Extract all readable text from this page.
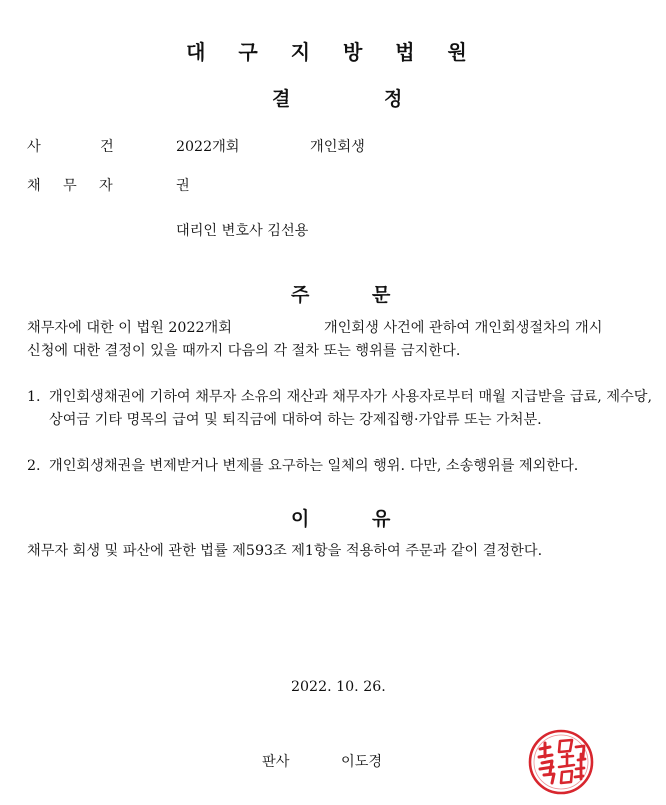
대 구 지 방 법 원
결	정
사	건	2022개회	개인회생
채 무 자	권
대리인 변호사 김선용
주	문
채무자에 대한 이 법원 2022개회	개인회생 사건에 관하여 개인회생절차의 개시
신청에 대한 결정이 있을 때까지 다음의 각 절차 또는 행위를 금지한다.
1. 개인회생채권에 기하여 채무자 소유의 재산과 채무자가 사용자로부터 매월 지급받을 급료, 제수당, 상여금 기타 명목의 급여 및 퇴직금에 대하여 하는 강제집행·가압류 또는 가처분.
2. 개인회생채권을 변제받거나 변제를 요구하는 일체의 행위. 다만, 소송행위를 제외한다.
이	유
채무자 회생 및 파산에 관한 법률 제593조 제1항을 적용하여 주문과 같이 결정한다.
2022. 10. 26.
판사	이도경
